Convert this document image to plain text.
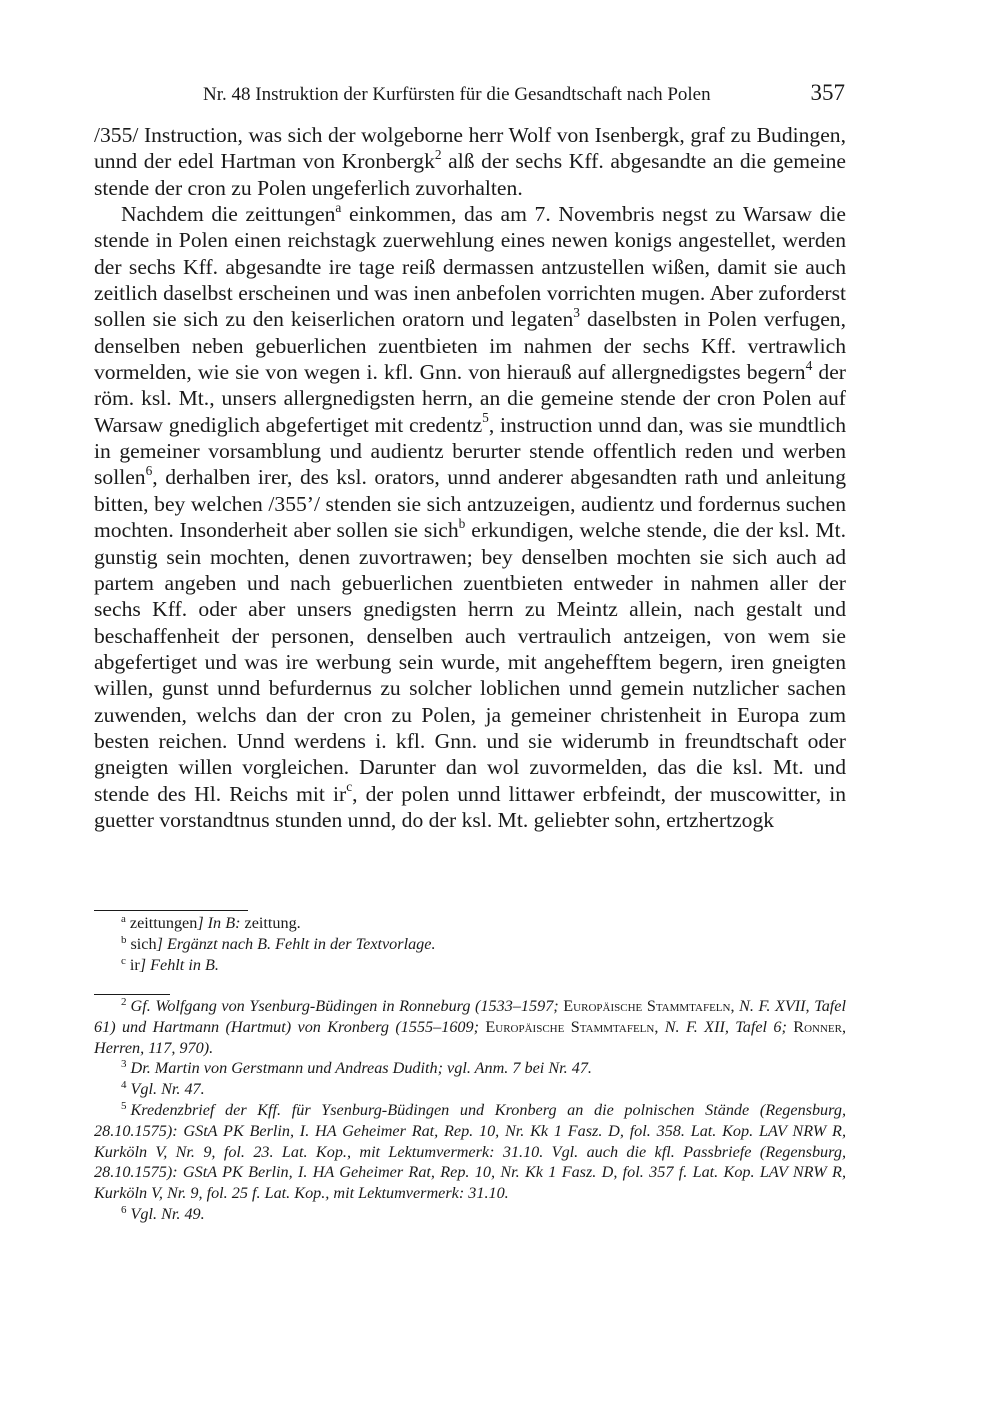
Nr. 48 Instruktion der Kurfürsten für die Gesandtschaft nach Polen	357

/355/ Instruction, was sich der wolgeborne herr Wolf von Isenbergk, graf zu Budingen, unnd der edel Hartman von Kronbergk$^2$ alß der sechs Kff. abgesandte an die gemeine stende der cron zu Polen ungeferlich zuvorhalten.

Nachdem die zeittungen$^a$ einkommen, das am 7. Novembris negst zu Warsaw die stende in Polen einen reichstagk zuerwehlung eines newen konigs angestellet, werden der sechs Kff. abgesandte ire tage reiß dermassen antzustellen wißen, damit sie auch zeitlich daselbst erscheinen und was inen anbefolen vorrichten mugen. Aber zuforderst sollen sie sich zu den keiserlichen oratorn und legaten$^3$ daselbsten in Polen verfugen, denselben neben gebuerlichen zuentbieten im nahmen der sechs Kff. vertrawlich vormelden, wie sie von wegen i. kfl. Gnn. von hierauß auf allergnedigstes begern$^4$ der röm. ksl. Mt., unsers allergnedigsten herrn, an die gemeine stende der cron Polen auf Warsaw gnediglich abgefertiget mit credentz$^5$, instruction unnd dan, was sie mundtlich in gemeiner vorsamblung und audientz berurter stende offentlich reden und werben sollen$^6$, derhalben irer, des ksl. orators, unnd anderer abgesandten rath und anleitung bitten, bey welchen /355’/ stenden sie sich antzuzeigen, audientz und fordernus suchen mochten. Insonderheit aber sollen sie sich$^b$ erkundigen, welche stende, die der ksl. Mt. gunstig sein mochten, denen zuvortrawen; bey denselben mochten sie sich auch ad partem angeben und nach gebuerlichen zuentbieten entweder in nahmen aller der sechs Kff. oder aber unsers gnedigsten herrn zu Meintz allein, nach gestalt und beschaffenheit der personen, denselben auch vertraulich antzeigen, von wem sie abgefertiget und was ire werbung sein wurde, mit angehefftem begern, iren gneigten willen, gunst unnd befurdernus zu solcher loblichen unnd gemein nutzlicher sachen zuwenden, welchs dan der cron zu Polen, ja gemeiner christenheit in Europa zum besten reichen. Unnd werdens i. kfl. Gnn. und sie widerumb in freundtschaft oder gneigten willen vorgleichen. Darunter dan wol zuvormelden, das die ksl. Mt. und stende des Hl. Reichs mit $ir^c$, der polen unnd littawer erbfeindt, der muscowitter, in guetter vorstandtnus stunden unnd, do der ksl. Mt. geliebter sohn, ertzhertzogk

$^a$ zeittungen] In B: zeittung.

$^b$ sich] Ergänzt nach B. Fehlt in der Textvorlage.

$^c$ ir] Fehlt in B.

$^2$ Gf. Wolfgang von Ysenburg-Büdingen in Ronneburg (1533–1597; Europäische Stammtafeln, N. F. XVII, Tafel 61) und Hartmann (Hartmut) von Kronberg (1555–1609; Europäische Stammtafeln, N. F. XII, Tafel 6; Ronner, Herren, 117, 970).

$^3$ Dr. Martin von Gerstmann und Andreas Dudith; vgl. Anm. 7 bei Nr. 47.

$^4$ Vgl. Nr. 47.

$^5$ Kredenzbrief der Kff. für Ysenburg-Büdingen und Kronberg an die polnischen Stände (Regensburg, 28.10.1575): GStA PK Berlin, I. HA Geheimer Rat, Rep. 10, Nr. Kk 1 Fasz. D, fol. 358. Lat. Kop. LAV NRW R, Kurköln V, Nr. 9, fol. 23. Lat. Kop., mit Lektumvermerk: 31.10. Vgl. auch die kfl. Passbriefe (Regensburg, 28.10.1575): GStA PK Berlin, I. HA Geheimer Rat, Rep. 10, Nr. Kk 1 Fasz. D, fol. 357 f. Lat. Kop. LAV NRW R, Kurköln V, Nr. 9, fol. 25 f. Lat. Kop., mit Lektumvermerk: 31.10.

$^6$ Vgl. Nr. 49.
